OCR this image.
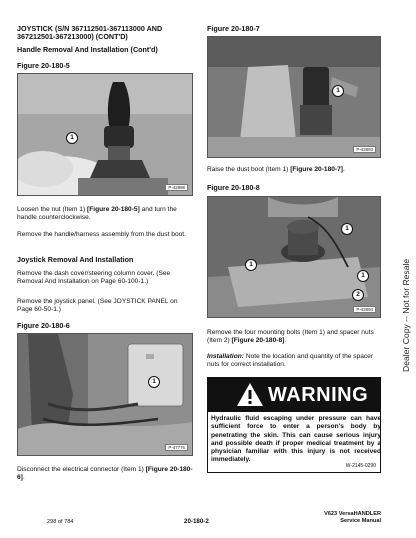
JOYSTICK (S/N 367112501-367113000 AND
367212501-367213000) (CONT'D)
Handle Removal And Installation (Cont'd)
Figure 20-180-5
1
P-42898
Loosen the nut (Item 1) [Figure 20-180-5] and turn the handle counterclockwise.
Remove the handle/harness assembly from the dust boot.
Joystick Removal And Installation
Remove the dash cover/steering column cover. (See Removal And Installation on Page 60-100-1.)
Remove the joystick panel. (See JOYSTICK PANEL on Page 60-50-1.)
Figure 20-180-6
1
P-47776
Disconnect the electrical connector (Item 1) [Figure 20-180-6].
Figure 20-180-7
1
P-42893
Raise the dust boot (Item 1) [Figure 20-180-7].
Figure 20-180-8
1
1
1
2
P-42894
Remove the four mounting bolts (Item 1) and spacer nuts (Item 2) [Figure 20-180-8].
Installation: Note the location and quantity of the spacer nuts for correct installation.
WARNING
Hydraulic fluid escaping under pressure can have sufficient force to enter a person's body by penetrating the skin. This can cause serious injury and possible death if proper medical treatment by a physician familiar with this injury is not received immediately.
W-2145-0290
Dealer Copy -- Not for Resale
298 of 784	20-180-2
V623 VersaHANDLER
Service Manual
